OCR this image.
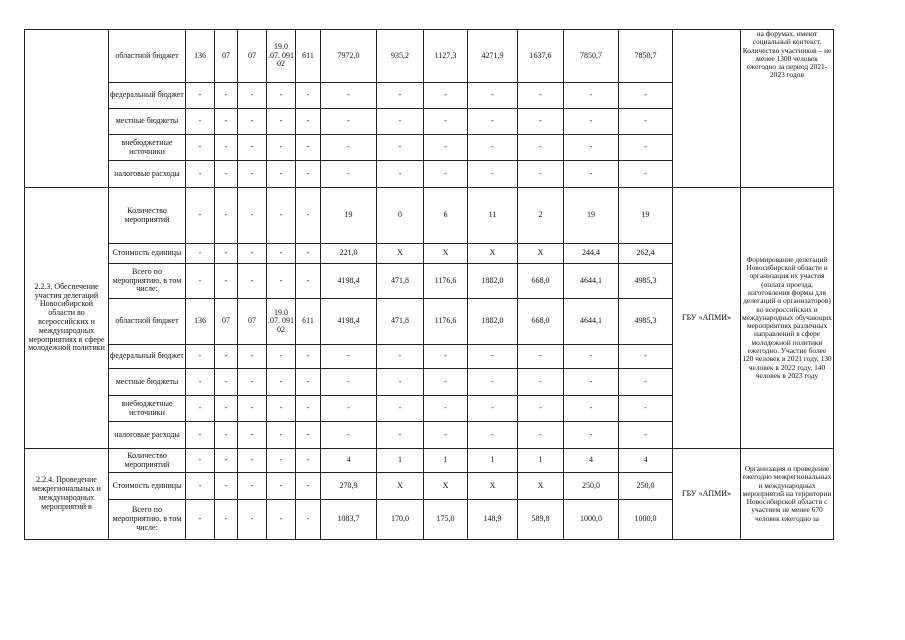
	областной бюджет	136	07	07	19.0 .07. 091 02	611	7972,0	935,2	1127,3	4271,9	1637,6	7850,7	7850,7		на форумах, имеют социальный контекст. Количество участников – не менее 1300 человек ежегодно за период 2021-2023 годов
	федеральный бюджет	-	-	-	-	-	-	-	-	-	-	-	-		
	местные бюджеты	-	-	-	-	-	-	-	-	-	-	-	-		
	внебюджетные источники	-	-	-	-	-	-	-	-	-	-	-	-		
	налоговые расходы	-	-	-	-	-	-	-	-	-	-	-	-		
2.2.3. Обеспечение участия делегаций Новосибирской области во всероссийских и международных мероприятиях в сфере молодежной политики	Количество мероприятий	-	-	-	-	-	19	0	6	11	2	19	19	ГБУ «АПМИ»	Формирование делегаций Новосибирской области и организация их участия (оплата проезда, изготовления формы для делегаций и организаторов) во всероссийских и международных обучающих мероприятиях различных направлений в сфере молодежной политики ежегодно. Участие более 120 человек в 2021 году, 130 человек в 2022 году, 140 человек в 2023 году
	Стоимость единицы	-	-	-	-	-	221,0	X	X	X	X	244,4	262,4		
	Всего по мероприятию, в том числе:	-	-	-	-	-	4198,4	471,8	1176,6	1882,0	668,0	4644,1	4985,3		
	областной бюджет	136	07	07	19.0 .07. 091 02	611	4198,4	471,8	1176,6	1882,0	668,0	4644,1	4985,3		
	федеральный бюджет	-	-	-	-	-	-	-	-	-	-	-	-		
	местные бюджеты	-	-	-	-	-	-	-	-	-	-	-	-		
	внебюджетные источники	-	-	-	-	-	-	-	-	-	-	-	-		
	налоговые расходы	-	-	-	-	-	-	-	-	-	-	-	-		
2.2.4. Проведение межрегиональных и международных мероприятий в	Количество мероприятий	-	-	-	-	-	4	1	1	1	1	4	4	ГБУ «АПМИ»	Организация и проведение ежегодно межрегиональных и международных мероприятий на территории Новосибирской области с участием не менее 670 человек ежегодно за
	Стоимость единицы	-	-	-	-	-	270,9	X	X	X	X	250,0	250,0		
	Всего по мероприятию, в том числе:	-	-	-	-	-	1083,7	170,0	175,0	148,9	589,8	1000,0	1000,0		
